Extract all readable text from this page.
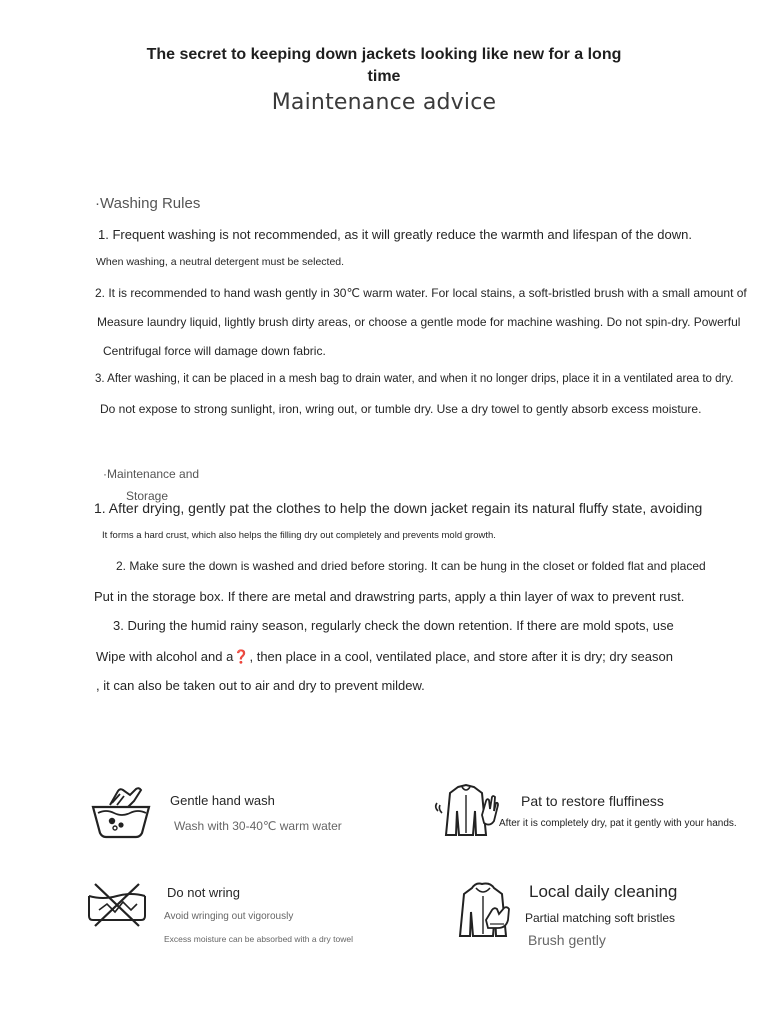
The secret to keeping down jackets looking like new for a long
time
Maintenance advice
·Washing Rules
1. Frequent washing is not recommended, as it will greatly reduce the warmth and lifespan of the down.
When washing, a neutral detergent must be selected.
2. It is recommended to hand wash gently in 30℃ warm water. For local stains, a soft-bristled brush with a small amount of
Measure laundry liquid, lightly brush dirty areas, or choose a gentle mode for machine washing. Do not spin-dry. Powerful
Centrifugal force will damage down fabric.
3. After washing, it can be placed in a mesh bag to drain water, and when it no longer drips, place it in a ventilated area to dry.
Do not expose to strong sunlight, iron, wring out, or tumble dry. Use a dry towel to gently absorb excess moisture.
·Maintenance and
Storage
1. After drying, gently pat the clothes to help the down jacket regain its natural fluffy state, avoiding
It forms a hard crust, which also helps the filling dry out completely and prevents mold growth.
2. Make sure the down is washed and dried before storing. It can be hung in the closet or folded flat and placed
Put in the storage box. If there are metal and drawstring parts, apply a thin layer of wax to prevent rust.
3. During the humid rainy season, regularly check the down retention. If there are mold spots, use
Wipe with alcohol and a❓, then place in a cool, ventilated place, and store after it is dry; dry season
, it can also be taken out to air and dry to prevent mildew.
Gentle hand wash
Wash with 30-40℃ warm water
Pat to restore fluffiness
After it is completely dry, pat it gently with your hands.
Do not wring
Avoid wringing out vigorously
Excess moisture can be absorbed with a dry towel
Local daily cleaning
Partial matching soft bristles
Brush gently
